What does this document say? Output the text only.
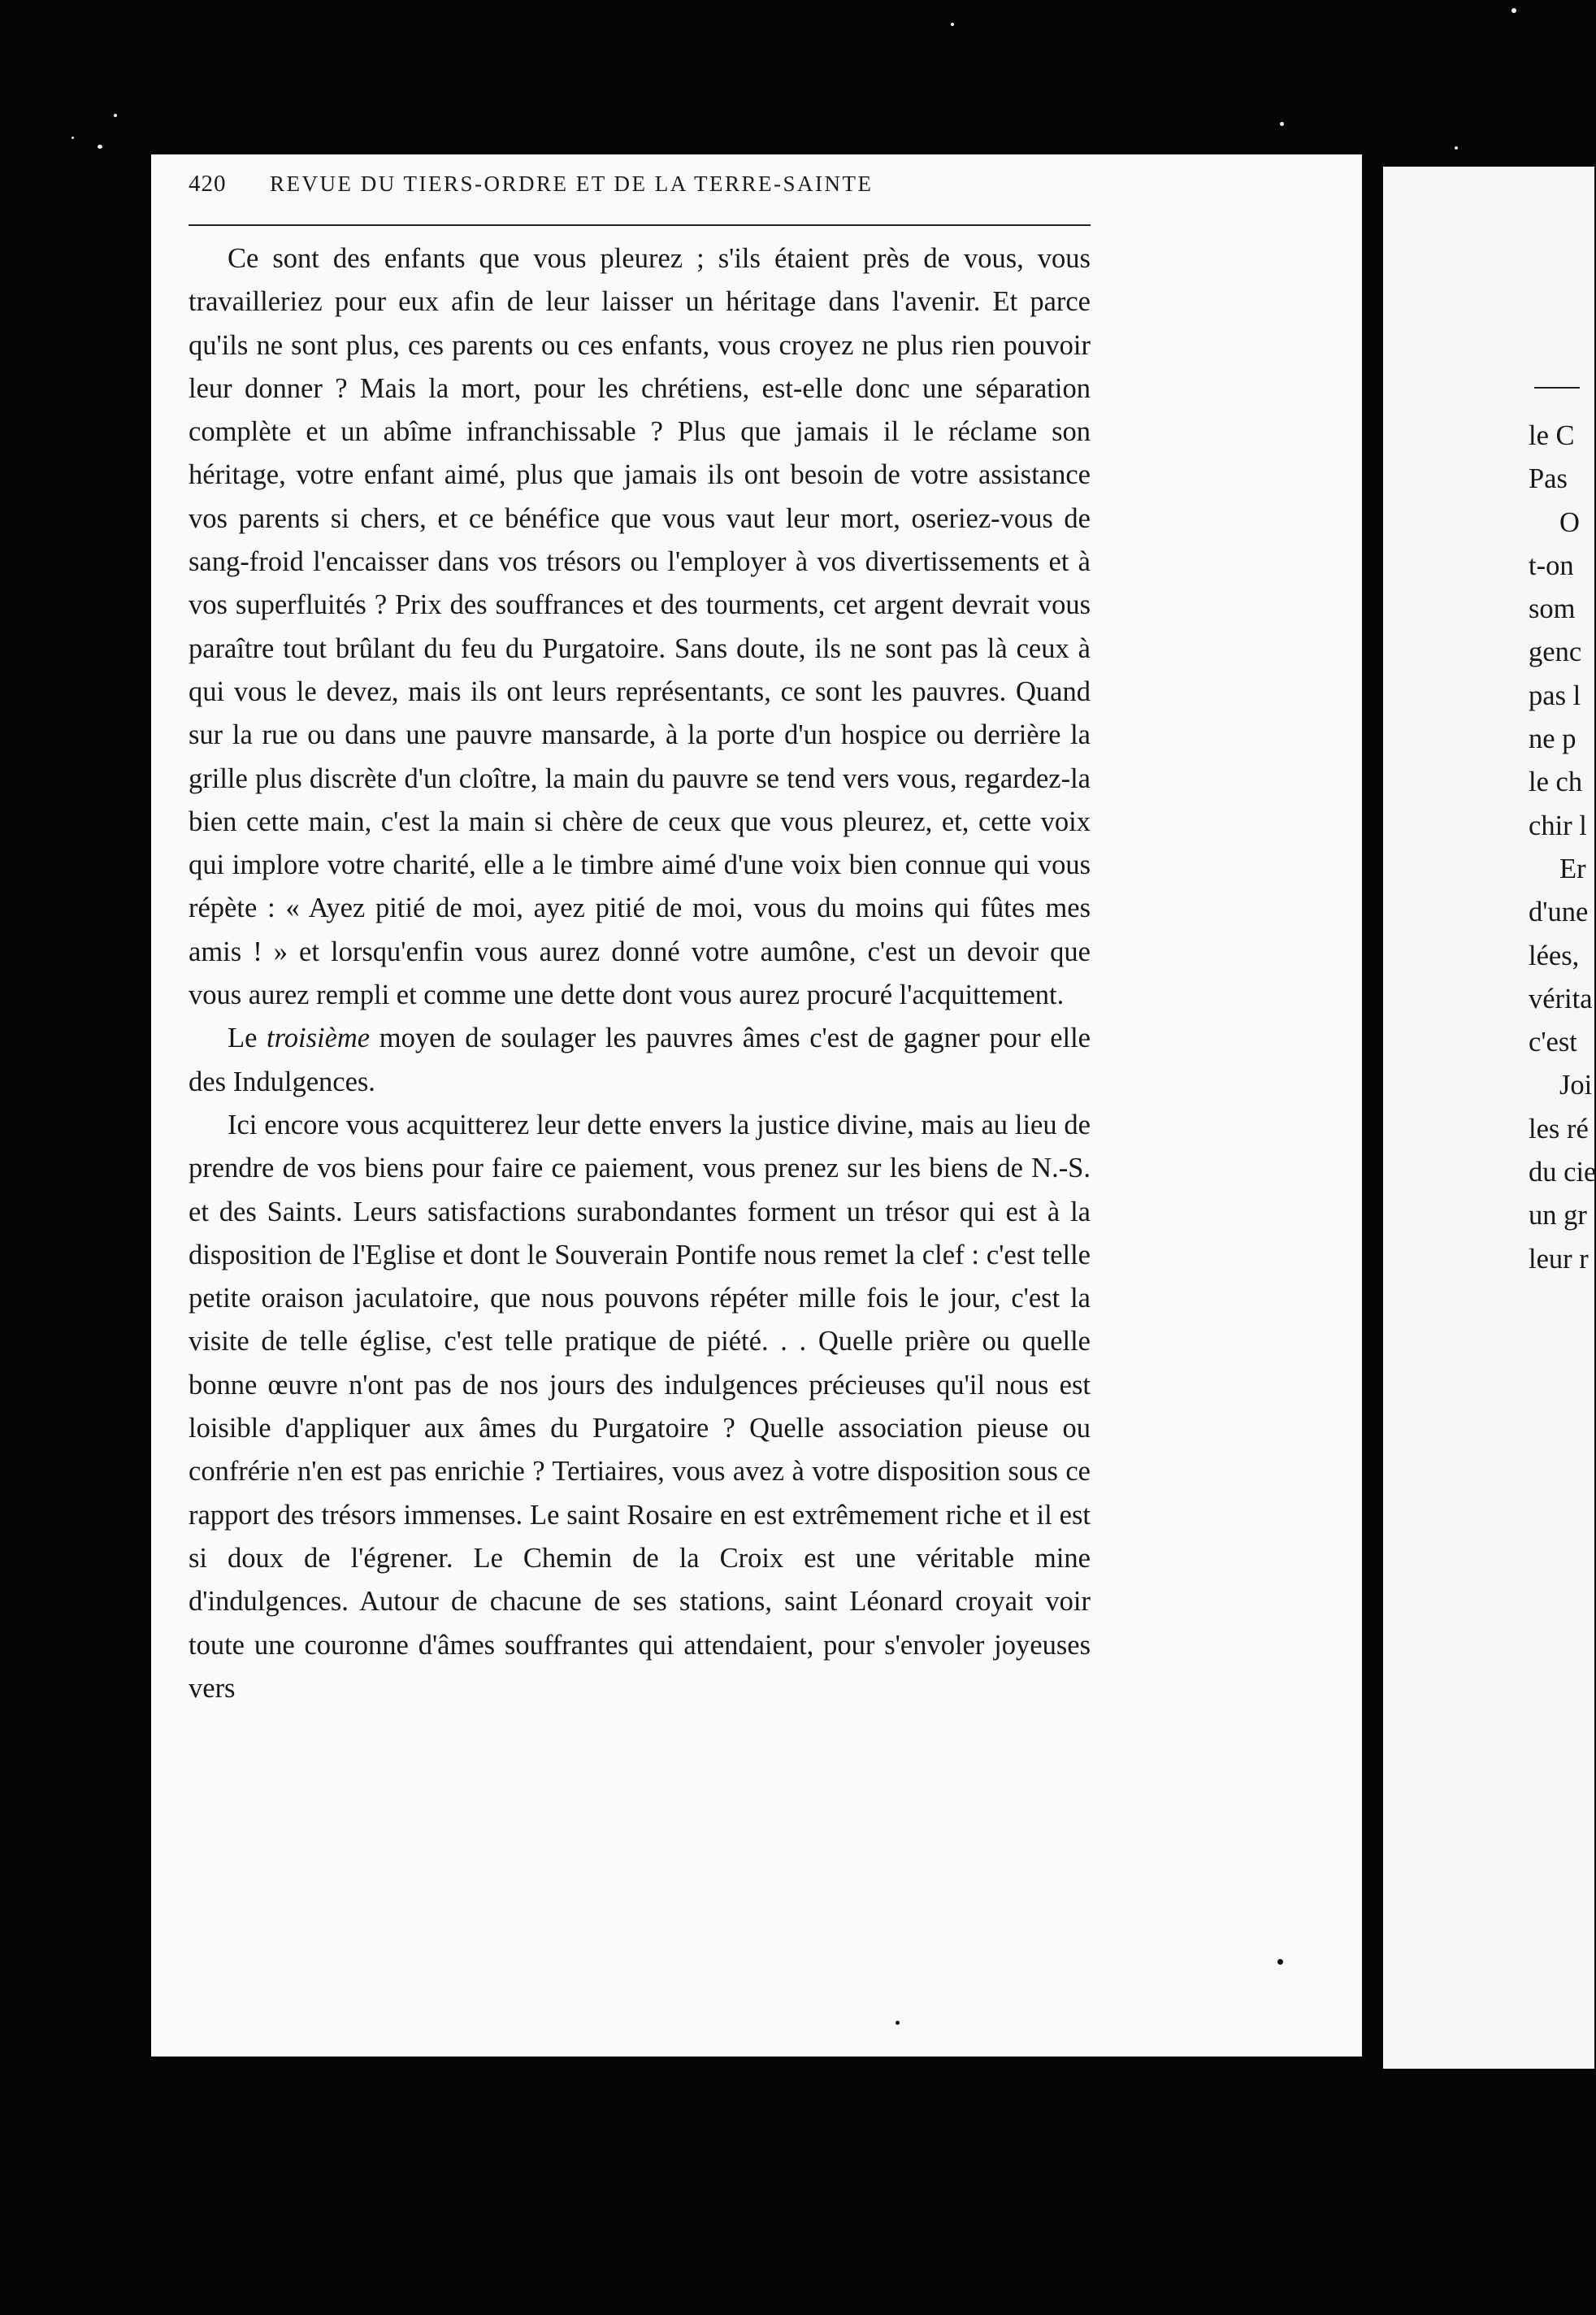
420	REVUE DU TIERS-ORDRE ET DE LA TERRE-SAINTE

Ce sont des enfants que vous pleurez ; s'ils étaient près de vous, vous travailleriez pour eux afin de leur laisser un héritage dans l'avenir. Et parce qu'ils ne sont plus, ces parents ou ces enfants, vous croyez ne plus rien pouvoir leur donner ? Mais la mort, pour les chrétiens, est-elle donc une séparation complète et un abîme infranchissable ? Plus que jamais il le réclame son héritage, votre enfant aimé, plus que jamais ils ont besoin de votre assistance vos parents si chers, et ce bénéfice que vous vaut leur mort, oseriez-vous de sang-froid l'encaisser dans vos trésors ou l'employer à vos divertissements et à vos superfluités ? Prix des souffrances et des tourments, cet argent devrait vous paraître tout brûlant du feu du Purgatoire. Sans doute, ils ne sont pas là ceux à qui vous le devez, mais ils ont leurs représentants, ce sont les pauvres. Quand sur la rue ou dans une pauvre mansarde, à la porte d'un hospice ou derrière la grille plus discrète d'un cloître, la main du pauvre se tend vers vous, regardez-la bien cette main, c'est la main si chère de ceux que vous pleurez, et, cette voix qui implore votre charité, elle a le timbre aimé d'une voix bien connue qui vous répète : « Ayez pitié de moi, ayez pitié de moi, vous du moins qui fûtes mes amis ! » et lorsqu'enfin vous aurez donné votre aumône, c'est un devoir que vous aurez rempli et comme une dette dont vous aurez procuré l'acquittement.

Le troisième moyen de soulager les pauvres âmes c'est de gagner pour elle des Indulgences.

Ici encore vous acquitterez leur dette envers la justice divine, mais au lieu de prendre de vos biens pour faire ce paiement, vous prenez sur les biens de N.-S. et des Saints. Leurs satisfactions surabondantes forment un trésor qui est à la disposition de l'Eglise et dont le Souverain Pontife nous remet la clef : c'est telle petite oraison jaculatoire, que nous pouvons répéter mille fois le jour, c'est la visite de telle église, c'est telle pratique de piété. . . Quelle prière ou quelle bonne œuvre n'ont pas de nos jours des indulgences précieuses qu'il nous est loisible d'appliquer aux âmes du Purgatoire ? Quelle association pieuse ou confrérie n'en est pas enrichie ? Tertiaires, vous avez à votre disposition sous ce rapport des trésors immenses. Le saint Rosaire en est extrêmement riche et il est si doux de l'égrener. Le Chemin de la Croix est une véritable mine d'indulgences. Autour de chacune de ses stations, saint Léonard croyait voir toute une couronne d'âmes souffrantes qui attendaient, pour s'envoler joyeuses vers

le C
Pas
O
t-on
som
genc
pas l
ne p
le ch
chir l
Er
d'une
lées,
vérita
c'est
Joi
les ré
du cie
un gr
leur r
